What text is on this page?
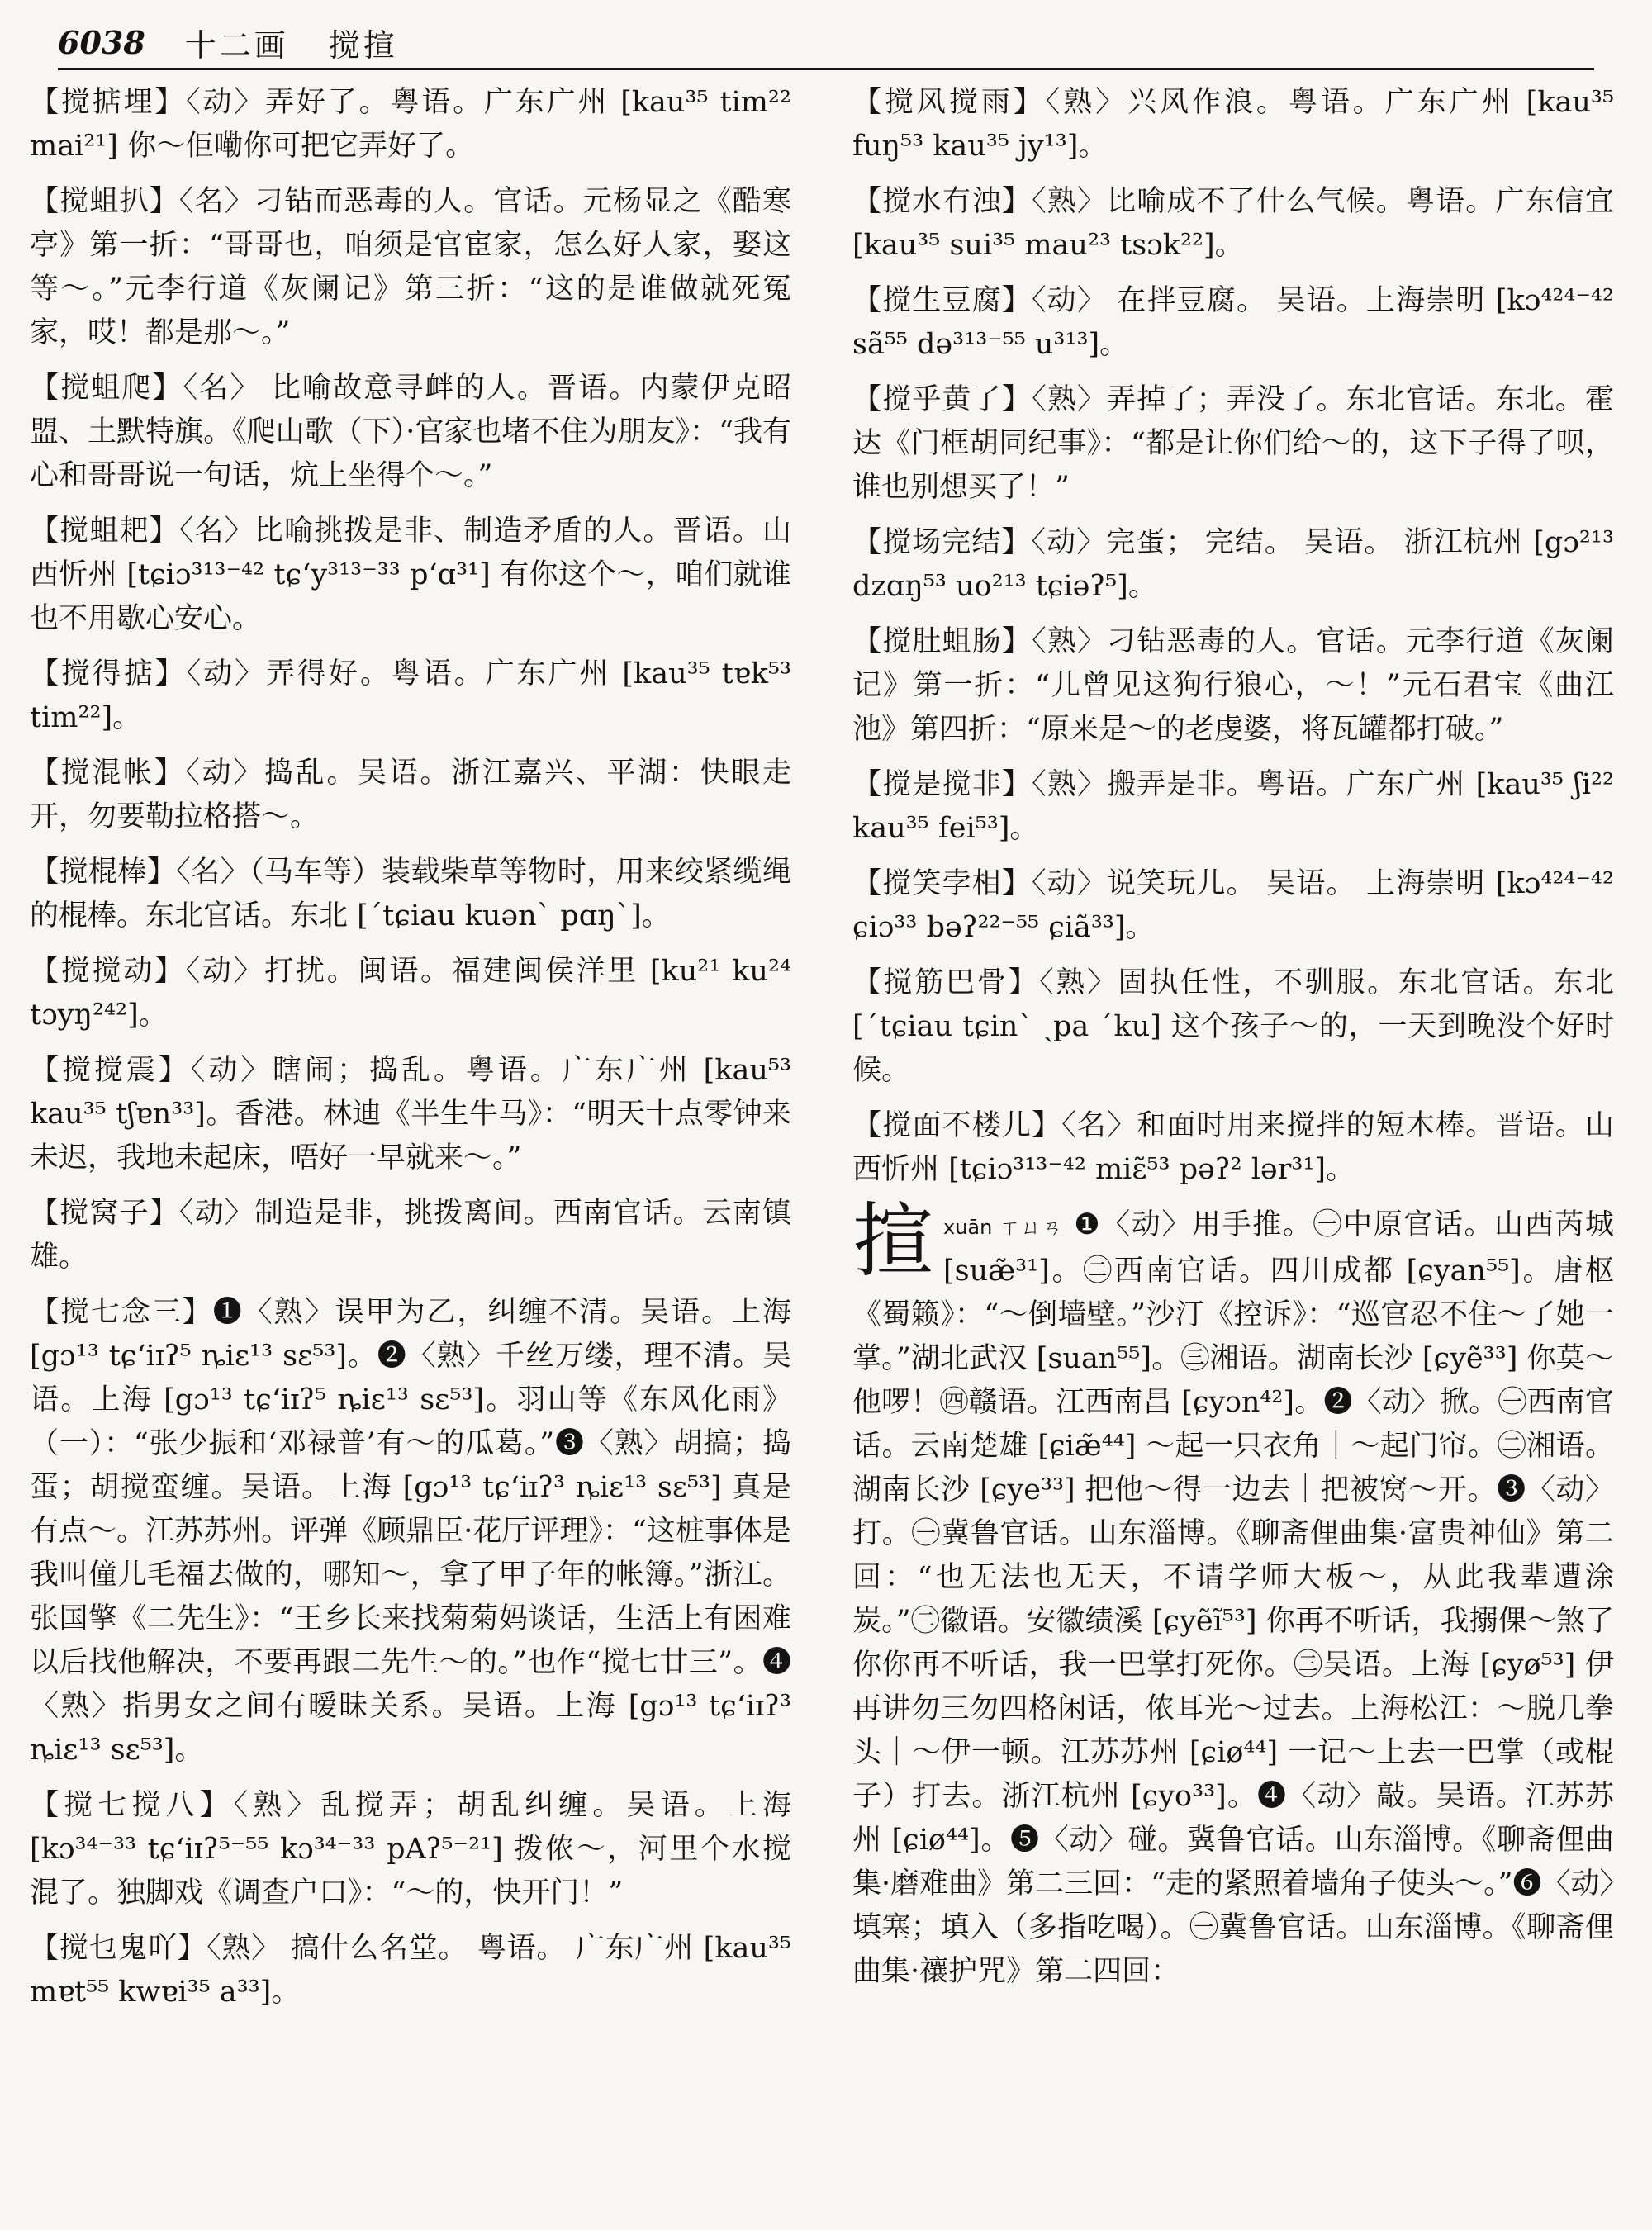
6038 十二画 搅揎

【搅掂埋】〈动〉弄好了。粤语。广东广州 [kau³⁵ tim²² mai²¹] 你～佢嘞你可把它弄好了。

【搅蛆扒】〈名〉刁钻而恶毒的人。官话。元杨显之《酷寒亭》第一折：“哥哥也，咱须是官宦家，怎么好人家，娶这等～。”元李行道《灰阑记》第三折：“这的是谁做就死冤家，哎！都是那～。”

【搅蛆爬】〈名〉 比喻故意寻衅的人。晋语。内蒙伊克昭盟、土默特旗。《爬山歌（下）·官家也堵不住为朋友》：“我有心和哥哥说一句话，炕上坐得个～。”

【搅蛆耙】〈名〉比喻挑拨是非、制造矛盾的人。晋语。山西忻州 [tɕiɔ³¹³⁻⁴² tɕ‘y³¹³⁻³³ p‘ɑ³¹] 有你这个～，咱们就谁也不用歇心安心。

【搅得掂】〈动〉弄得好。粤语。广东广州 [kau³⁵ tɐk⁵³ tim²²]。

【搅混帐】〈动〉捣乱。吴语。浙江嘉兴、平湖：快眼走开，勿要勒拉格搭～。

【搅棍棒】〈名〉（马车等）装载柴草等物时，用来绞紧缆绳的棍棒。东北官话。东北 [ˊtɕiau kuənˋ pɑŋˋ]。

【搅搅动】〈动〉打扰。闽语。福建闽侯洋里 [ku²¹ ku²⁴ tɔyŋ²⁴²]。

【搅搅震】〈动〉瞎闹；捣乱。粤语。广东广州 [kau⁵³ kau³⁵ tʃɐn³³]。香港。林迪《半生牛马》：“明天十点零钟来未迟，我地未起床，唔好一早就来～。”

【搅窝子】〈动〉制造是非，挑拨离间。西南官话。云南镇雄。

【搅七念三】❶〈熟〉误甲为乙，纠缠不清。吴语。上海 [gɔ¹³ tɕ‘iɪʔ⁵ ȵiɛ¹³ sɛ⁵³]。❷〈熟〉千丝万缕，理不清。吴语。上海 [gɔ¹³ tɕ‘iɪʔ⁵ ȵiɛ¹³ sɛ⁵³]。羽山等《东风化雨》（一）：“张少振和‘邓禄普’有～的瓜葛。”❸〈熟〉胡搞；捣蛋；胡搅蛮缠。吴语。上海 [gɔ¹³ tɕ‘iɪʔ³ ȵiɛ¹³ sɛ⁵³] 真是有点～。江苏苏州。评弹《顾鼎臣·花厅评理》：“这桩事体是我叫僮儿毛福去做的，哪知～，拿了甲子年的帐簿。”浙江。张国擎《二先生》：“王乡长来找菊菊妈谈话，生活上有困难以后找他解决，不要再跟二先生～的。”也作“搅七廿三”。❹〈熟〉指男女之间有暧昧关系。吴语。上海 [gɔ¹³ tɕ‘iɪʔ³ ȵiɛ¹³ sɛ⁵³]。

【搅七搅八】〈熟〉乱搅弄；胡乱纠缠。吴语。上海 [kɔ³⁴⁻³³ tɕ‘iɪʔ⁵⁻⁵⁵ kɔ³⁴⁻³³ pAʔ⁵⁻²¹] 拨侬～，河里个水搅混了。独脚戏《调查户口》：“～的，快开门！”

【搅乜鬼吖】〈熟〉 搞什么名堂。 粤语。 广东广州 [kau³⁵ mɐt⁵⁵ kwɐi³⁵ a³³]。

【搅风搅雨】〈熟〉兴风作浪。粤语。广东广州 [kau³⁵ fuŋ⁵³ kau³⁵ jy¹³]。

【搅水冇浊】〈熟〉比喻成不了什么气候。粤语。广东信宜 [kau³⁵ sui³⁵ mau²³ tsɔk²²]。

【搅生豆腐】〈动〉 在拌豆腐。 吴语。上海崇明 [kɔ⁴²⁴⁻⁴² sã⁵⁵ də³¹³⁻⁵⁵ u³¹³]。

【搅乎黄了】〈熟〉弄掉了；弄没了。东北官话。东北。霍达《门框胡同纪事》：“都是让你们给～的，这下子得了呗，谁也别想买了！”

【搅场完结】〈动〉完蛋； 完结。 吴语。 浙江杭州 [gɔ²¹³ dzɑŋ⁵³ uo²¹³ tɕiəʔ⁵]。

【搅肚蛆肠】〈熟〉刁钻恶毒的人。官话。元李行道《灰阑记》第一折：“儿曾见这狗行狼心，～！”元石君宝《曲江池》第四折：“原来是～的老虔婆，将瓦罐都打破。”

【搅是搅非】〈熟〉搬弄是非。粤语。广东广州 [kau³⁵ ʃi²² kau³⁵ fei⁵³]。

【搅笑孛相】〈动〉说笑玩儿。 吴语。 上海崇明 [kɔ⁴²⁴⁻⁴² ɕiɔ³³ bəʔ²²⁻⁵⁵ ɕiã³³]。

【搅筋巴骨】〈熟〉固执任性，不驯服。东北官话。东北 [ˊtɕiau tɕinˋ ˏpa ˊku] 这个孩子～的，一天到晚没个好时候。

【搅面不楼儿】〈名〉和面时用来搅拌的短木棒。晋语。山西忻州 [tɕiɔ³¹³⁻⁴² miɛ̃⁵³ pəʔ² lər³¹]。

揎 xuān ㄒㄩㄢ ❶〈动〉用手推。㊀中原官话。山西芮城 [suæ̃³¹]。㊁西南官话。四川成都 [ɕyan⁵⁵]。唐枢《蜀籁》：“～倒墙壁。”沙汀《控诉》：“巡官忍不住～了她一掌。”湖北武汉 [suan⁵⁵]。㊂湘语。湖南长沙 [ɕyẽ³³] 你莫～他啰！㊃赣语。江西南昌 [ɕyɔn⁴²]。❷〈动〉掀。㊀西南官话。云南楚雄 [ɕiæ̃⁴⁴] ～起一只衣角｜～起门帘。㊁湘语。湖南长沙 [ɕye³³] 把他～得一边去｜把被窝～开。❸〈动〉打。㊀冀鲁官话。山东淄博。《聊斋俚曲集·富贵神仙》第二回：“也无法也无天，不请学师大板～，从此我辈遭涂炭。”㊁徽语。安徽绩溪 [ɕyẽĩ⁵³] 你再不听话，我搦倮～煞了你你再不听话，我一巴掌打死你。㊂吴语。上海 [ɕyø⁵³] 伊再讲勿三勿四格闲话，侬耳光～过去。上海松江：～脱几拳头｜～伊一顿。江苏苏州 [ɕiø⁴⁴] 一记～上去一巴掌（或棍子）打去。浙江杭州 [ɕyo³³]。❹〈动〉敲。吴语。江苏苏州 [ɕiø⁴⁴]。❺〈动〉碰。冀鲁官话。山东淄博。《聊斋俚曲集·磨难曲》第二三回：“走的紧照着墙角子使头～。”❻〈动〉填塞；填入（多指吃喝）。㊀冀鲁官话。山东淄博。《聊斋俚曲集·禳护咒》第二四回：
